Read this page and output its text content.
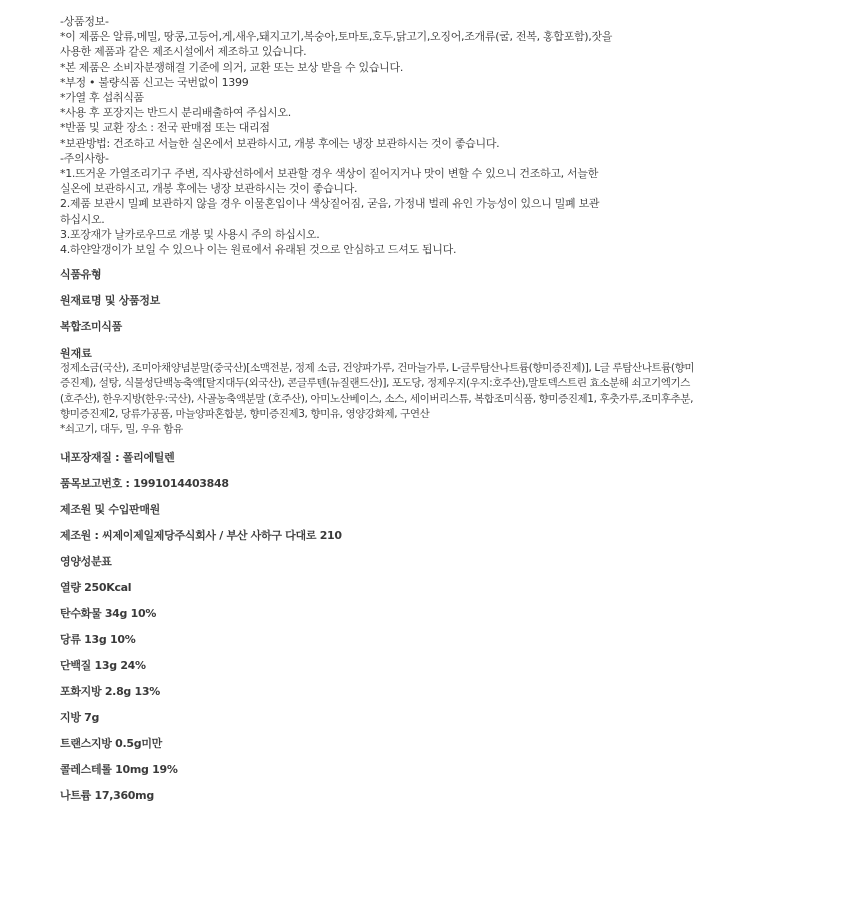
-상품정보-
*이 제품은 알류,메밀, 땅콩,고등어,게,새우,돼지고기,복숭아,토마토,호두,닭고기,오징어,조개류(굴, 전복, 홍합포함),잣을
사용한 제품과 같은 제조시설에서 제조하고 있습니다.
*본 제품은 소비자분쟁해결 기준에 의거, 교환 또는 보상 받을 수 있습니다.
*부정 • 불량식품 신고는 국번없이 1399
*가열 후 섭취식품
*사용 후 포장지는 반드시 분리배출하여 주십시오.
*반품 및 교환 장소 : 전국 판매점 또는 대리점
*보관방법: 건조하고 서늘한 실온에서 보관하시고, 개봉 후에는 냉장 보관하시는 것이 좋습니다.
-주의사항-
*1.뜨거운 가열조리기구 주변, 직사광선하에서 보관할 경우 색상이 짙어지거나 맛이 변할 수 있으니 건조하고, 서늘한
실온에 보관하시고, 개봉 후에는 냉장 보관하시는 것이 좋습니다.
2.제품 보관시 밀폐 보관하지 않을 경우 이물혼입이나 색상짙어짐, 굳음, 가정내 벌레 유인 가능성이 있으니 밀폐 보관
하십시오.
3.포장재가 날카로우므로 개봉 및 사용시 주의 하십시오.
4.하얀알갱이가 보일 수 있으나 이는 원료에서 유래된 것으로 안심하고 드셔도 됩니다.
식품유형
원재료명 및 상품정보
복합조미식품
원재료
정제소금(국산), 조미아채양념분말(중국산)[소맥전분, 정제 소금, 건양파가루, 건마늘가루, L-글루탐산나트륨(향미증진제)], L글 루탐산나트륨(향미증진제), 설탕, 식물성단백농축액[탈지대두(외국산), 콘글루텐(뉴질랜드산)], 포도당, 정제우지(우지:호주산),말토덱스트린 효소분해 쇠고기엑기스(호주산), 한우지방(한우:국산), 사골농축액분말 (호주산), 아미노산베이스, 소스, 세이버리스튜, 복합조미식품, 향미증진제1, 후춧가루,조미후추분, 향미증진제2, 당류가공품, 마늘양파혼합분, 향미증진제3, 향미유, 영양강화제, 구연산
*쇠고기, 대두, 밀, 우유 함유
내포장재질 : 폴리에틸렌
품목보고번호 : 1991014403848
제조원 및 수입판매원
제조원 : 씨제이제일제당주식회사 / 부산 사하구 다대로 210
영양성분표
열량 250Kcal
탄수화물 34g 10%
당류 13g 10%
단백질 13g 24%
포화지방 2.8g 13%
지방 7g
트랜스지방 0.5g미만
콜레스테롤 10mg 19%
나트륨 17,360mg
